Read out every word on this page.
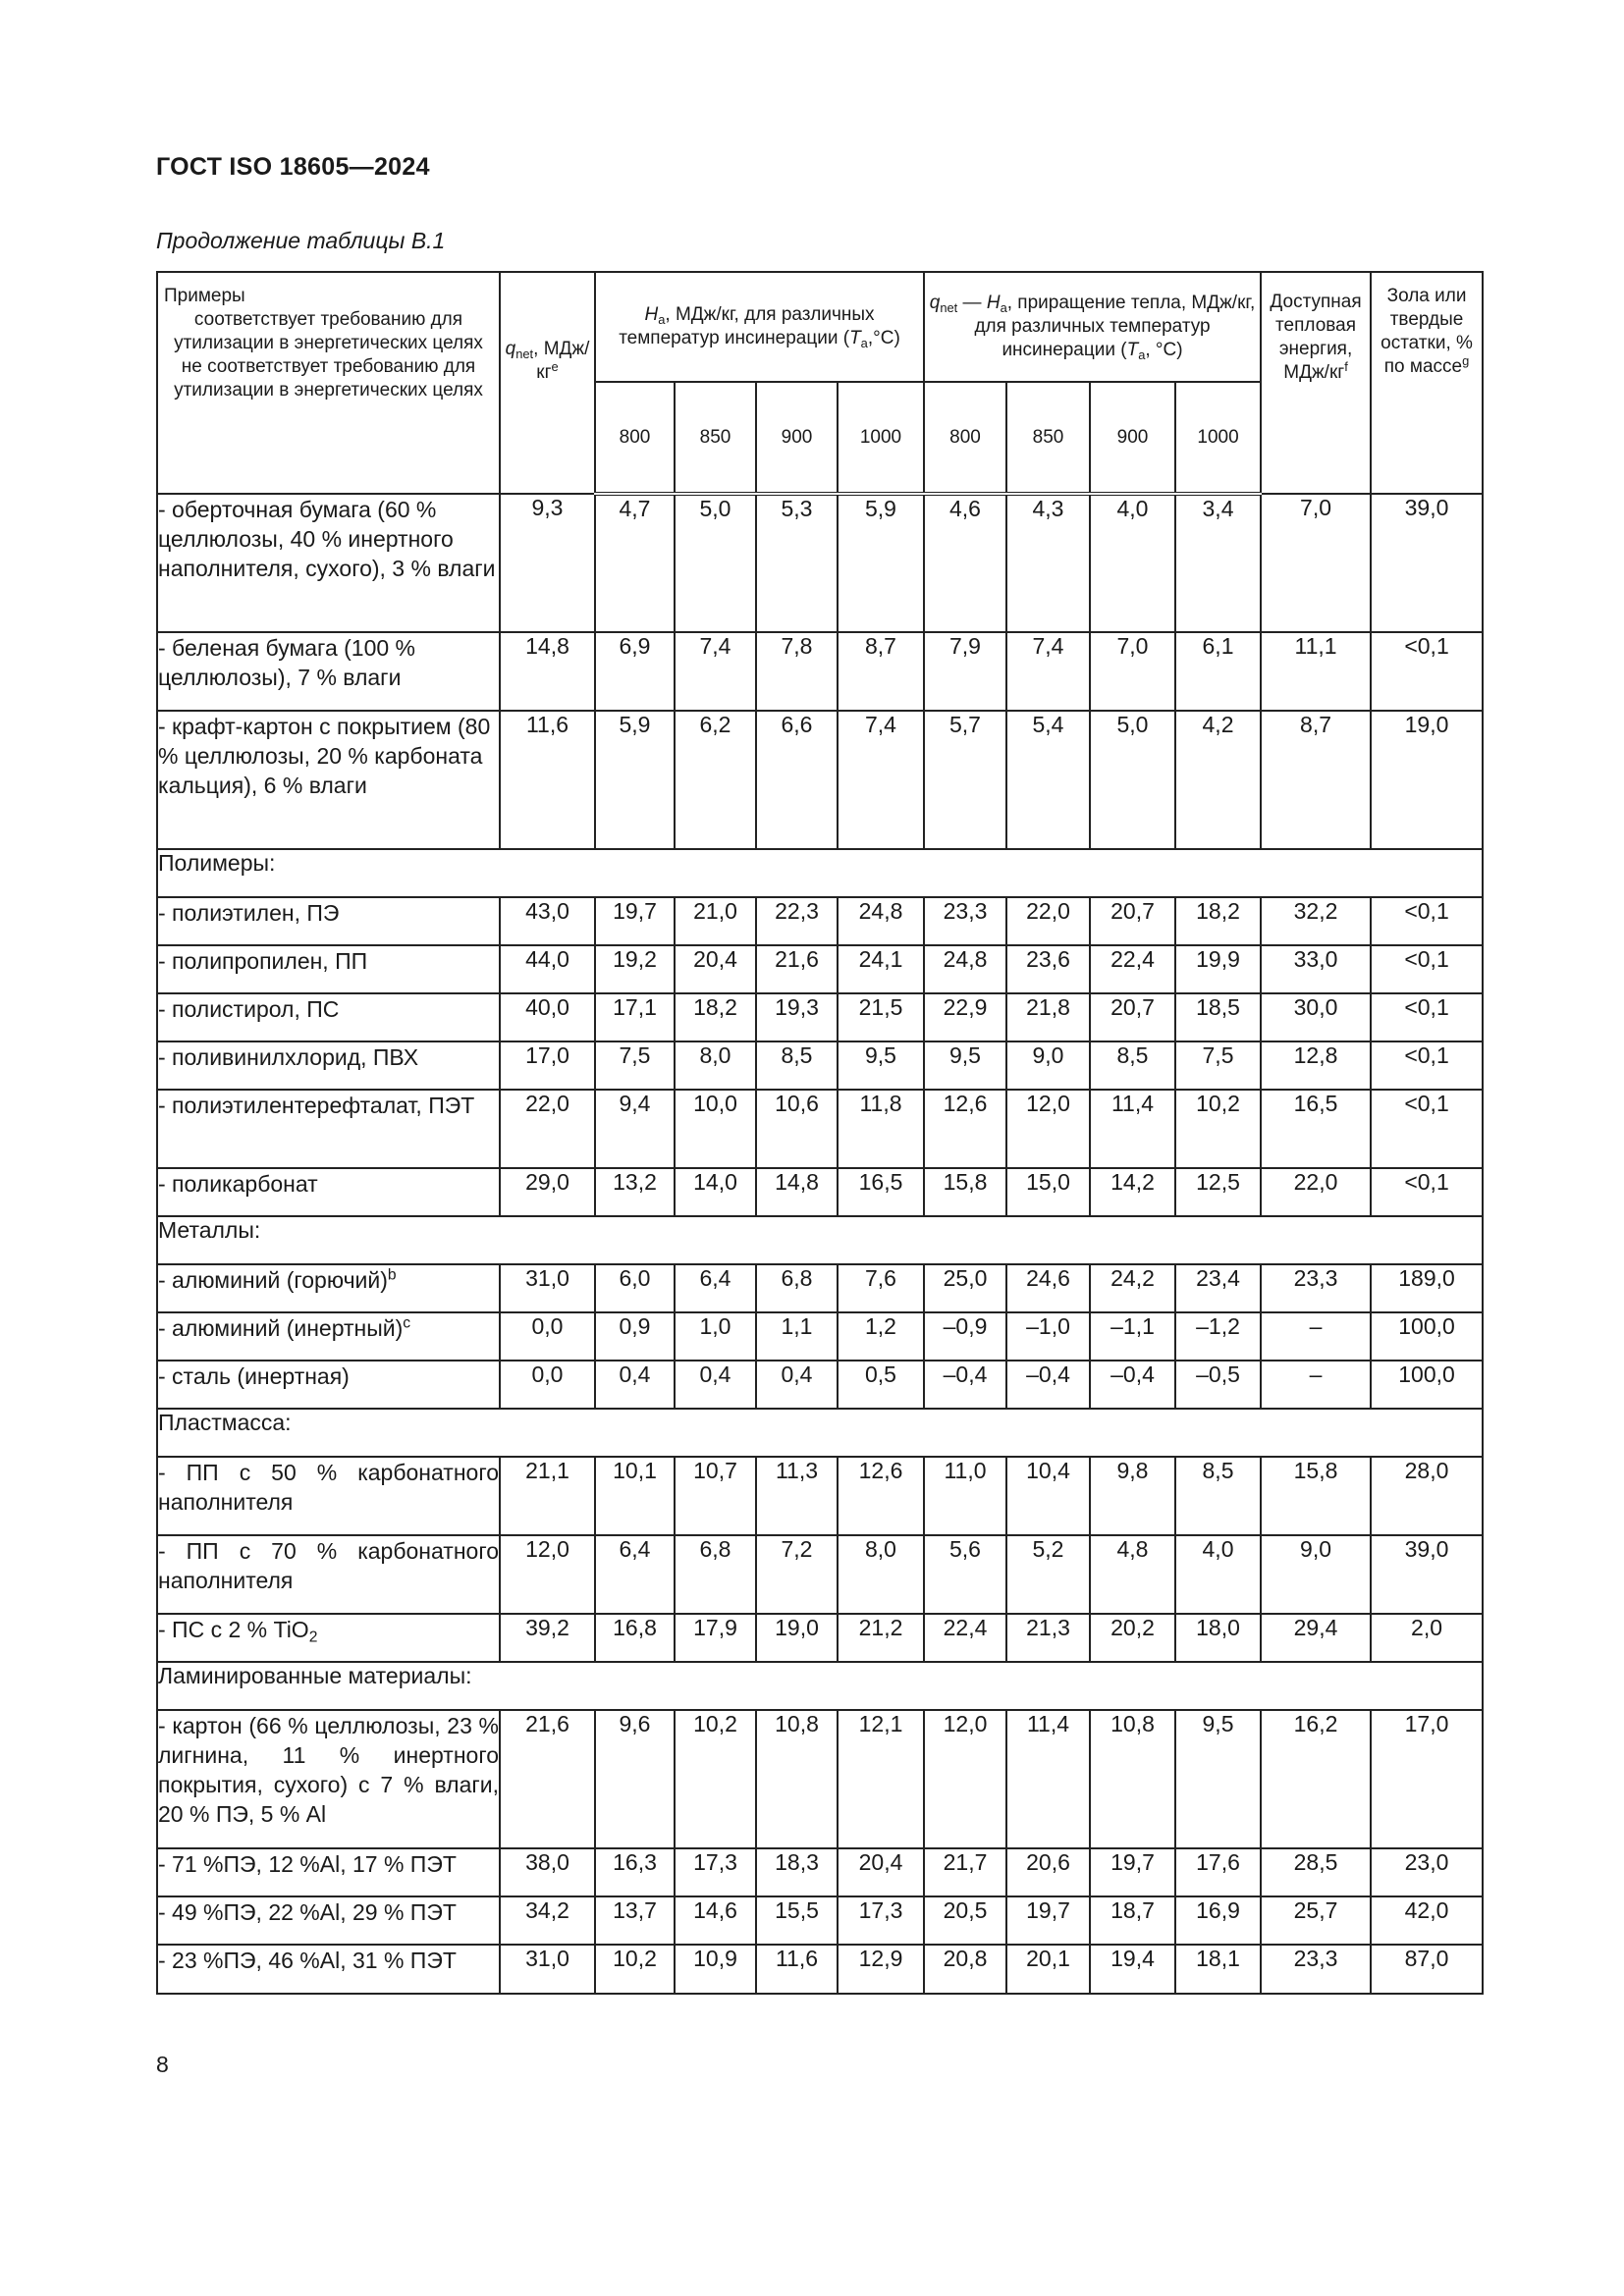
ГОСТ ISO 18605—2024
Продолжение таблицы B.1
Примеры
соответствует требованию для утилизации в энергетических целях
не соответствует требованию для утилизации в энергетических целях	$q_{net}$, МДж/$кг^e$	$H_a$, МДж/кг, для различных температур инсинерации $(T_a,^\circ C)$				$q_{net}$ — $H_a$, приращение тепла, МДж/кг, для различных температур инсинерации ($T_a$, °C)				Доступная тепловая энергия, МДж/$кг^f$	Зола или твердые остатки, % по массе$^g$
		800	850	900	1000	800	850	900	1000		
- оберточная бумага (60 % целлюлозы, 40 % инертного наполнителя, сухого), 3 % влаги	9,3	4,7	5,0	5,3	5,9	4,6	4,3	4,0	3,4	7,0	39,0
- беленая бумага (100 % целлюлозы), 7 % влаги	14,8	6,9	7,4	7,8	8,7	7,9	7,4	7,0	6,1	11,1	<0,1
- крафт-картон с покрытием (80 % целлюлозы, 20 % карбоната кальция), 6 % влаги	11,6	5,9	6,2	6,6	7,4	5,7	5,4	5,0	4,2	8,7	19,0
Полимеры:											
- полиэтилен, ПЭ	43,0	19,7	21,0	22,3	24,8	23,3	22,0	20,7	18,2	32,2	<0,1
- полипропилен, ПП	44,0	19,2	20,4	21,6	24,1	24,8	23,6	22,4	19,9	33,0	<0,1
- полистирол, ПС	40,0	17,1	18,2	19,3	21,5	22,9	21,8	20,7	18,5	30,0	<0,1
- поливинилхлорид, ПВХ	17,0	7,5	8,0	8,5	9,5	9,5	9,0	8,5	7,5	12,8	<0,1
- полиэтилентерефталат, ПЭТ	22,0	9,4	10,0	10,6	11,8	12,6	12,0	11,4	10,2	16,5	<0,1
- поликарбонат	29,0	13,2	14,0	14,8	16,5	15,8	15,0	14,2	12,5	22,0	<0,1
Металлы:											
- алюминий (горючий)$^b$	31,0	6,0	6,4	6,8	7,6	25,0	24,6	24,2	23,4	23,3	189,0
- алюминий (инертный)$^c$	0,0	0,9	1,0	1,1	1,2	–0,9	–1,0	–1,1	–1,2	–	100,0
- сталь (инертная)	0,0	0,4	0,4	0,4	0,5	–0,4	–0,4	–0,4	–0,5	–	100,0
Пластмасса:											
- ПП с 50 % карбонатного наполнителя	21,1	10,1	10,7	11,3	12,6	11,0	10,4	9,8	8,5	15,8	28,0
- ПП с 70 % карбонатного наполнителя	12,0	6,4	6,8	7,2	8,0	5,6	5,2	4,8	4,0	9,0	39,0
- ПС с 2 % TiO$_2$	39,2	16,8	17,9	19,0	21,2	22,4	21,3	20,2	18,0	29,4	2,0
Ламинированные материалы:											
- картон (66 % целлюлозы, 23 % лигнина, 11 % инертного покрытия, сухого) с 7 % влаги, 20 % ПЭ, 5 % Al	21,6	9,6	10,2	10,8	12,1	12,0	11,4	10,8	9,5	16,2	17,0
- 71 %ПЭ, 12 %Al, 17 % ПЭТ	38,0	16,3	17,3	18,3	20,4	21,7	20,6	19,7	17,6	28,5	23,0
- 49 %ПЭ, 22 %Al, 29 % ПЭТ	34,2	13,7	14,6	15,5	17,3	20,5	19,7	18,7	16,9	25,7	42,0
- 23 %ПЭ, 46 %Al, 31 % ПЭТ	31,0	10,2	10,9	11,6	12,9	20,8	20,1	19,4	18,1	23,3	87,0
8
